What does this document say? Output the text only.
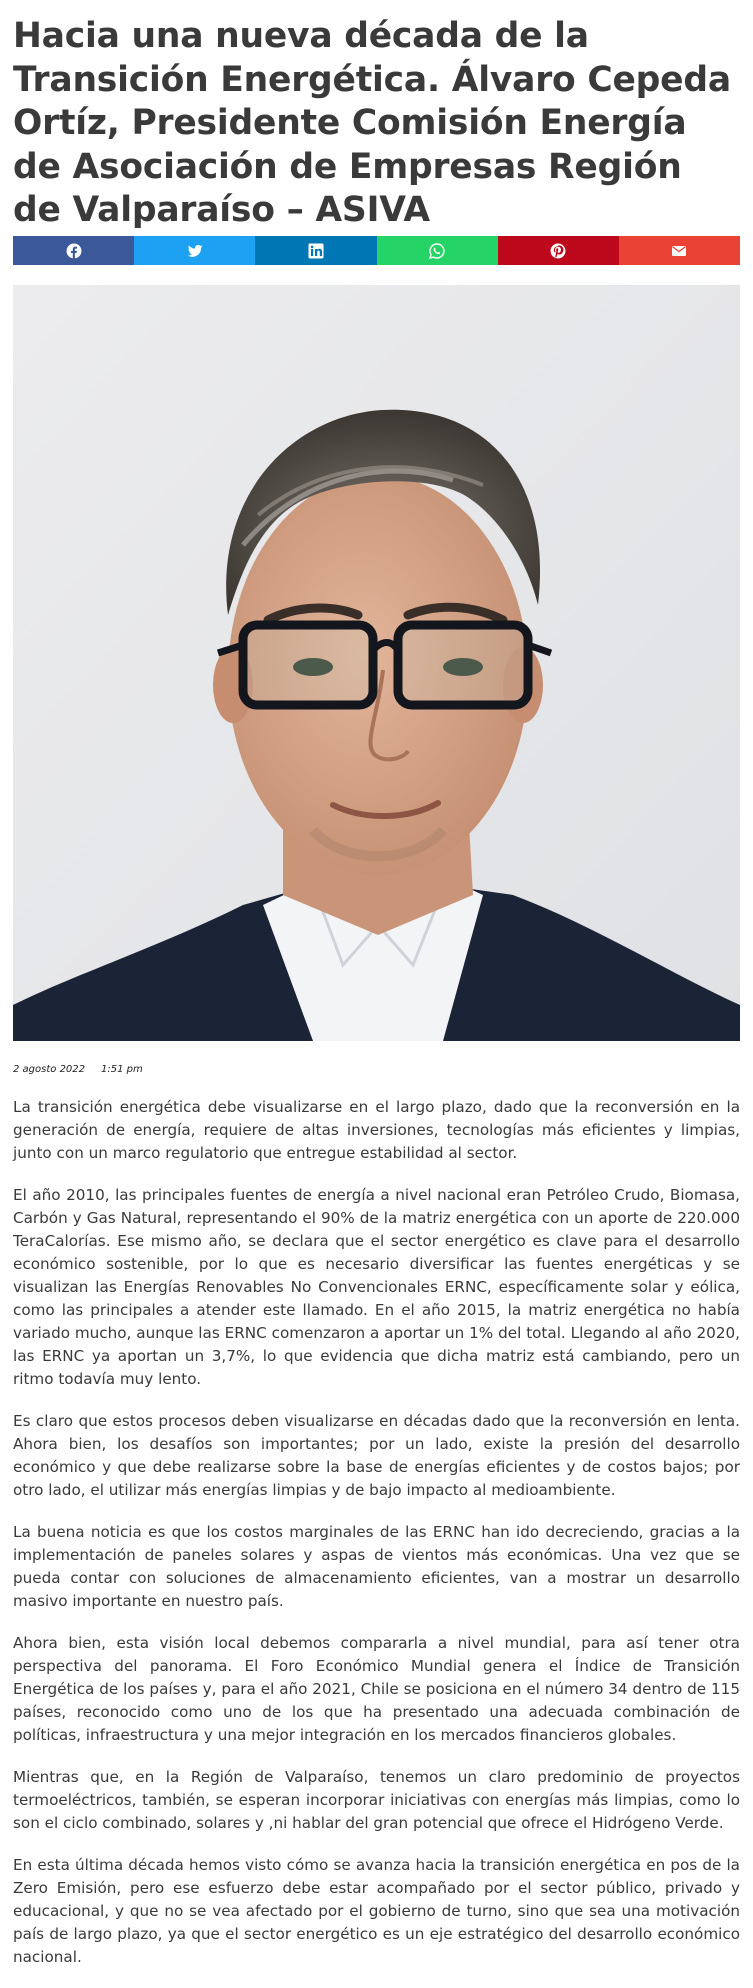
Hacia una nueva década de la Transición Energética. Álvaro Cepeda Ortíz, Presidente Comisión Energía de Asociación de Empresas Región de Valparaíso – ASIVA
2 agosto 2022 1:51 pm

La transición energética debe visualizarse en el largo plazo, dado que la reconversión en la generación de energía, requiere de altas inversiones, tecnologías más eficientes y limpias, junto con un marco regulatorio que entregue estabilidad al sector.

El año 2010, las principales fuentes de energía a nivel nacional eran Petróleo Crudo, Biomasa, Carbón y Gas Natural, representando el 90% de la matriz energética con un aporte de 220.000 TeraCalorías. Ese mismo año, se declara que el sector energético es clave para el desarrollo económico sostenible, por lo que es necesario diversificar las fuentes energéticas y se visualizan las Energías Renovables No Convencionales ERNC, específicamente solar y eólica, como las principales a atender este llamado. En el año 2015, la matriz energética no había variado mucho, aunque las ERNC comenzaron a aportar un 1% del total. Llegando al año 2020, las ERNC ya aportan un 3,7%, lo que evidencia que dicha matriz está cambiando, pero un ritmo todavía muy lento.

Es claro que estos procesos deben visualizarse en décadas dado que la reconversión en lenta. Ahora bien, los desafíos son importantes; por un lado, existe la presión del desarrollo económico y que debe realizarse sobre la base de energías eficientes y de costos bajos; por otro lado, el utilizar más energías limpias y de bajo impacto al medioambiente.

La buena noticia es que los costos marginales de las ERNC han ido decreciendo, gracias a la implementación de paneles solares y aspas de vientos más económicas. Una vez que se pueda contar con soluciones de almacenamiento eficientes, van a mostrar un desarrollo masivo importante en nuestro país.

Ahora bien, esta visión local debemos compararla a nivel mundial, para así tener otra perspectiva del panorama. El Foro Económico Mundial genera el Índice de Transición Energética de los países y, para el año 2021, Chile se posiciona en el número 34 dentro de 115 países, reconocido como uno de los que ha presentado una adecuada combinación de políticas, infraestructura y una mejor integración en los mercados financieros globales.

Mientras que, en la Región de Valparaíso, tenemos un claro predominio de proyectos termoeléctricos, también, se esperan incorporar iniciativas con energías más limpias, como lo son el ciclo combinado, solares y ,ni hablar del gran potencial que ofrece el Hidrógeno Verde.

En esta última década hemos visto cómo se avanza hacia la transición energética en pos de la Zero Emisión, pero ese esfuerzo debe estar acompañado por el sector público, privado y educacional, y que no se vea afectado por el gobierno de turno, sino que sea una motivación país de largo plazo, ya que el sector energético es un eje estratégico del desarrollo económico nacional.
